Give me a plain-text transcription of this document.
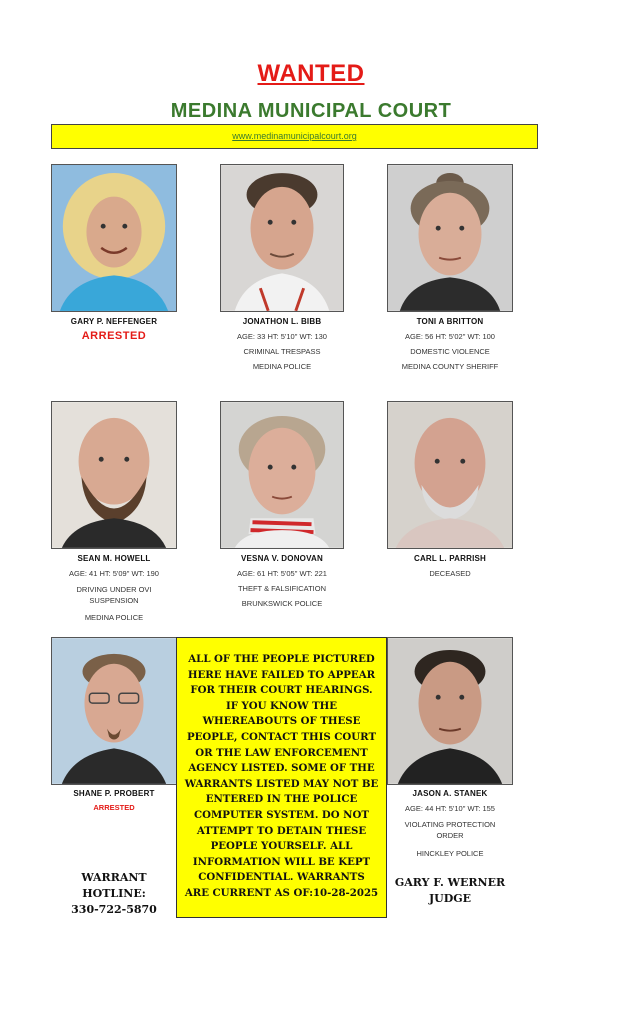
WANTED
MEDINA MUNICIPAL COURT
www.medinamunicipalcourt.org
GARY P. NEFFENGER
ARRESTED
JONATHON L. BIBB
AGE: 33 HT: 5'10" WT: 130
CRIMINAL TRESPASS
MEDINA POLICE
TONI A BRITTON
AGE: 56 HT: 5'02" WT: 100
DOMESTIC VIOLENCE
MEDINA COUNTY SHERIFF
SEAN M. HOWELL
AGE: 41 HT: 5'09" WT: 190
DRIVING UNDER OVI
SUSPENSION
MEDINA POLICE
VESNA V. DONOVAN
AGE: 61 HT: 5'05" WT: 221
THEFT & FALSIFICATION
BRUNKSWICK POLICE
CARL L. PARRISH
DECEASED
SHANE P. PROBERT
ARRESTED
ALL OF THE PEOPLE PICTURED
HERE HAVE FAILED TO APPEAR
FOR THEIR COURT HEARINGS.
IF YOU KNOW THE
WHEREABOUTS OF THESE
PEOPLE, CONTACT THIS COURT
OR THE LAW ENFORCEMENT
AGENCY LISTED. SOME OF THE
WARRANTS LISTED MAY NOT BE
ENTERED IN THE POLICE
COMPUTER SYSTEM. DO NOT
ATTEMPT TO DETAIN THESE
PEOPLE YOURSELF. ALL
INFORMATION WILL BE KEPT
CONFIDENTIAL. WARRANTS
ARE CURRENT AS OF:10-28-2025
JASON A. STANEK
AGE: 44 HT: 5'10" WT: 155
VIOLATING PROTECTION
ORDER
HINCKLEY POLICE
WARRANT
HOTLINE:
330-722-5870
GARY F. WERNER
JUDGE
